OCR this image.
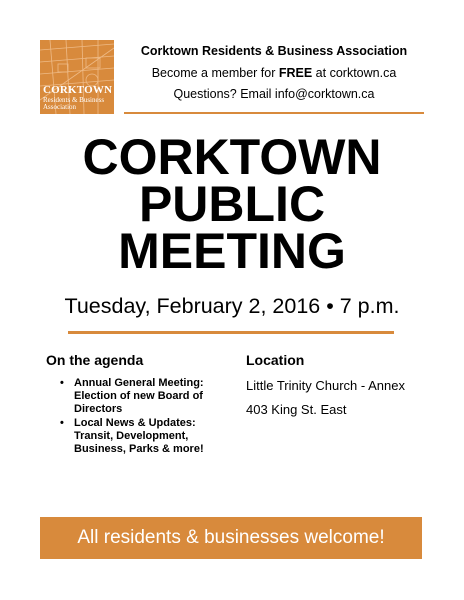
CORKTOWN
Residents & Business
Association
Corktown Residents & Business Association
Become a member for FREE at corktown.ca
Questions? Email info@corktown.ca
CORKTOWN
PUBLIC
MEETING
Tuesday, February 2, 2016 • 7 p.m.
On the agenda
• Annual General Meeting: Election of new Board of Directors
• Local News & Updates: Transit, Development, Business, Parks & more!
Location
Little Trinity Church - Annex
403 King St. East
All residents & businesses welcome!
